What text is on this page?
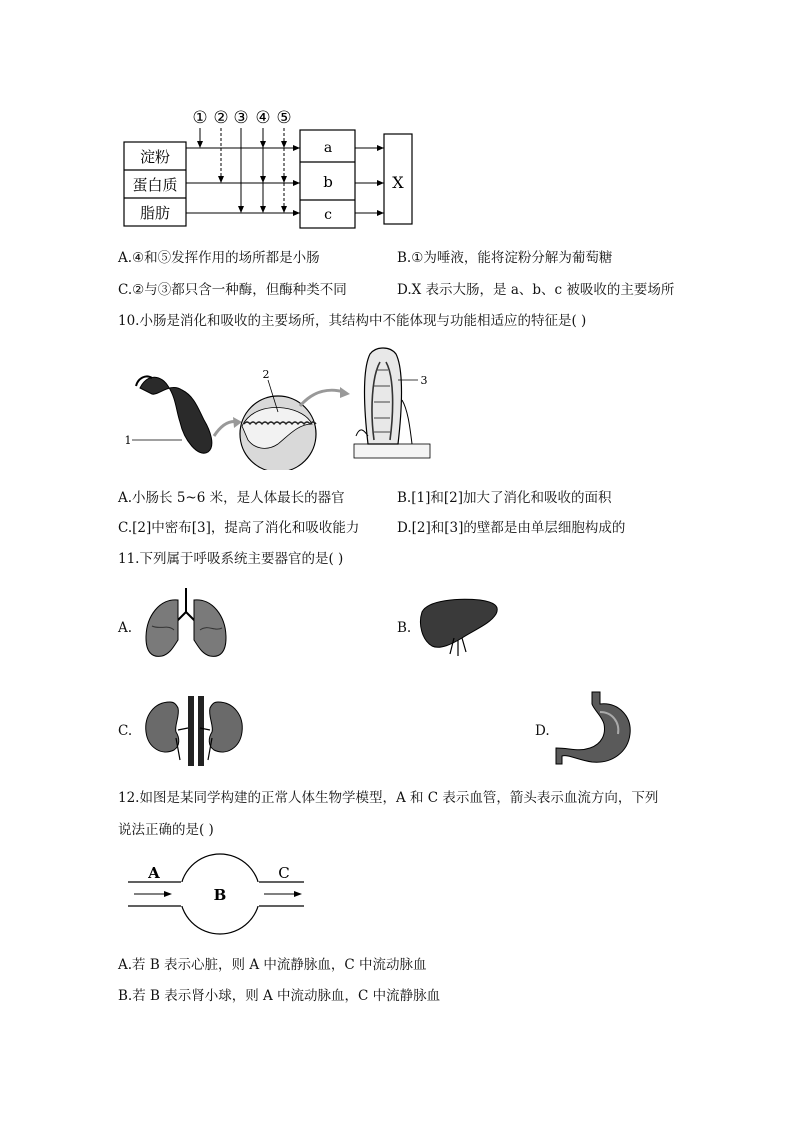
① ② ③ ④ ⑤
淀粉
蛋白质
脂肪
a
b
c
X
A.④和⑤发挥作用的场所都是小肠	B.①为唾液，能将淀粉分解为葡萄糖
C.②与③都只含一种酶，但酶种类不同	D.X 表示大肠，是 a、b、c 被吸收的主要场所
10.小肠是消化和吸收的主要场所，其结构中不能体现与功能相适应的特征是( )
1
2	3
A.小肠长 5~6 米，是人体最长的器官	B.[1]和[2]加大了消化和吸收的面积
C.[2]中密布[3]，提高了消化和吸收能力	D.[2]和[3]的壁都是由单层细胞构成的
11.下列属于呼吸系统主要器官的是( )
A.	B.
C.	D.
12.如图是某同学构建的正常人体生物学模型，A 和 C 表示血管，箭头表示血流方向，下列
说法正确的是( )
A
B
C
A.若 B 表示心脏，则 A 中流静脉血，C 中流动脉血
B.若 B 表示肾小球，则 A 中流动脉血，C 中流静脉血
